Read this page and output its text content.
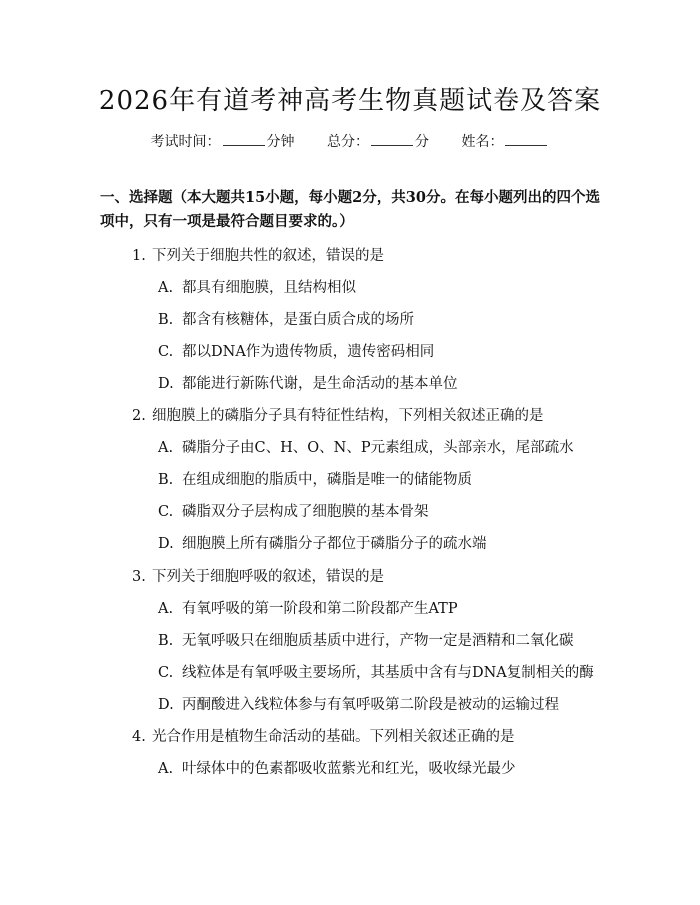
2026年有道考神高考生物真题试卷及答案
考试时间：	分钟 总分：	分 姓名：
一、选择题（本大题共15小题，每小题2分，共30分。在每小题列出的四个选项中，只有一项是最符合题目要求的。）
1. 下列关于细胞共性的叙述，错误的是
A. 都具有细胞膜，且结构相似
B. 都含有核糖体，是蛋白质合成的场所
C. 都以DNA作为遗传物质，遗传密码相同
D. 都能进行新陈代谢，是生命活动的基本单位
2. 细胞膜上的磷脂分子具有特征性结构，下列相关叙述正确的是
A. 磷脂分子由C、H、O、N、P元素组成，头部亲水，尾部疏水
B. 在组成细胞的脂质中，磷脂是唯一的储能物质
C. 磷脂双分子层构成了细胞膜的基本骨架
D. 细胞膜上所有磷脂分子都位于磷脂分子的疏水端
3. 下列关于细胞呼吸的叙述，错误的是
A. 有氧呼吸的第一阶段和第二阶段都产生ATP
B. 无氧呼吸只在细胞质基质中进行，产物一定是酒精和二氧化碳
C. 线粒体是有氧呼吸主要场所，其基质中含有与DNA复制相关的酶
D. 丙酮酸进入线粒体参与有氧呼吸第二阶段是被动的运输过程
4. 光合作用是植物生命活动的基础。下列相关叙述正确的是
A. 叶绿体中的色素都吸收蓝紫光和红光，吸收绿光最少
